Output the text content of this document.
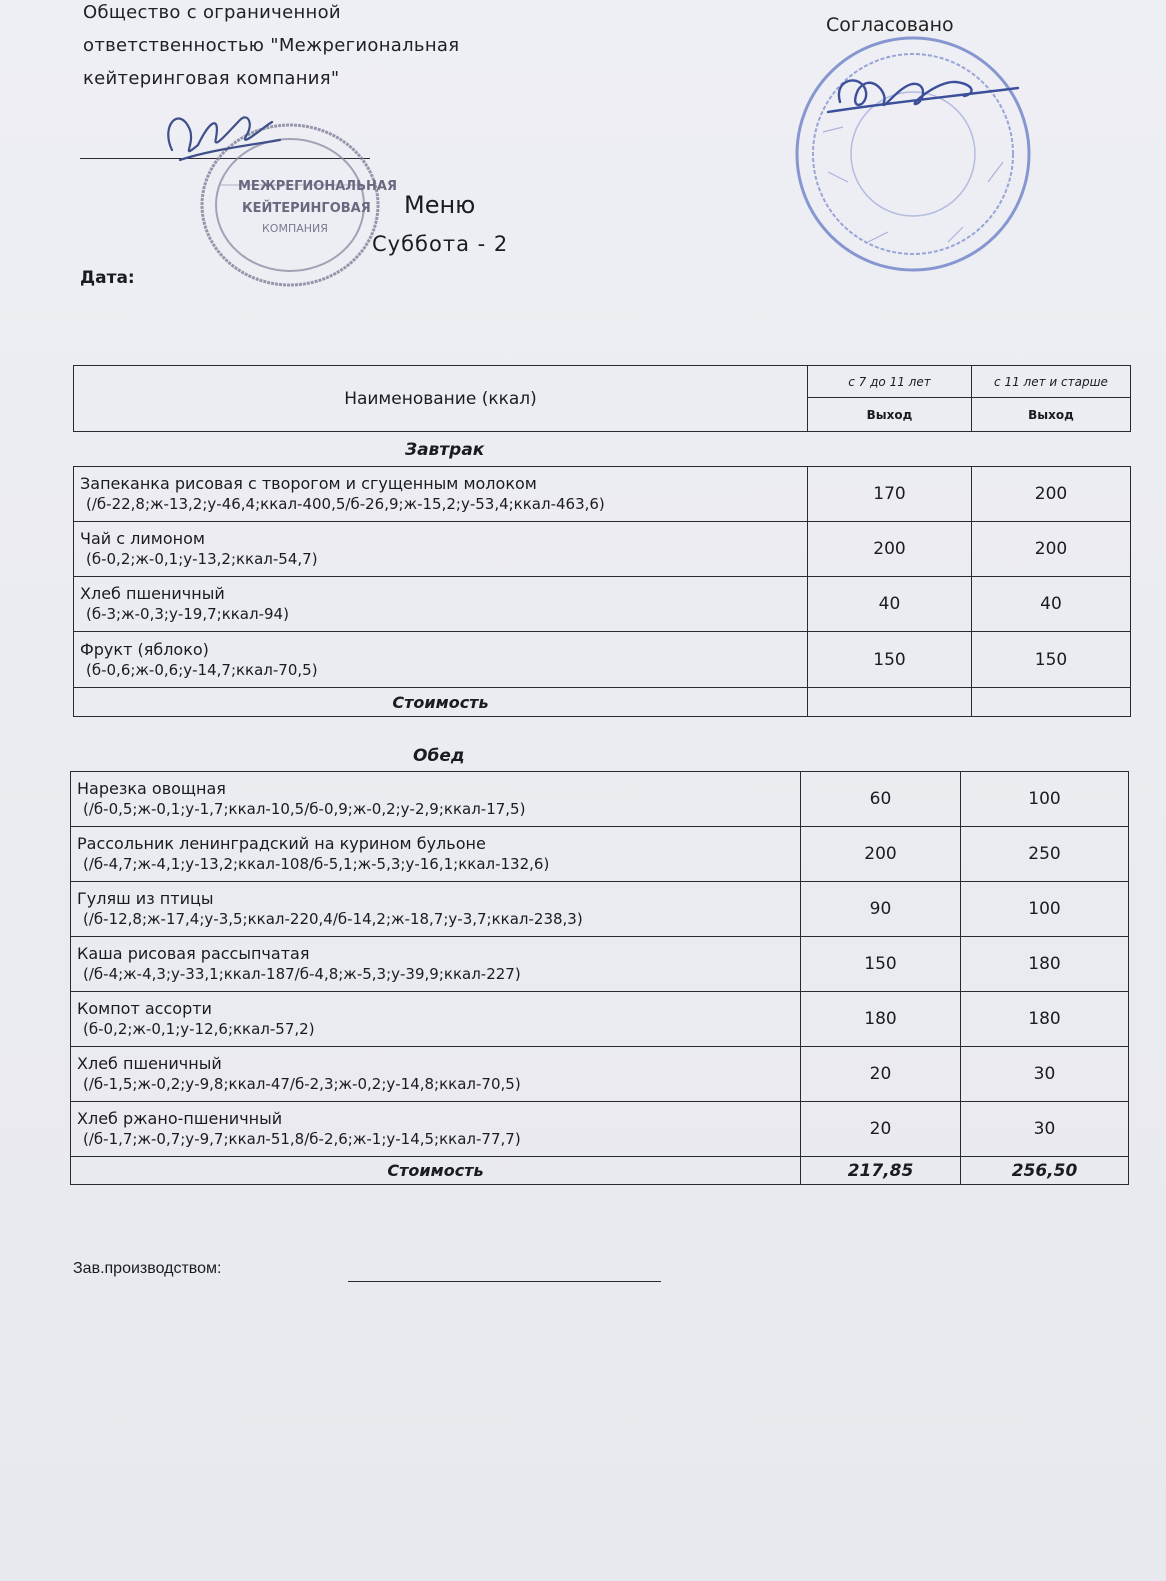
Общество с ограниченной
ответственностью "Межрегиональная
кейтеринговая компания"
МЕЖРЕГИОНАЛЬНАЯ
КЕЙТЕРИНГОВАЯ
КОМПАНИЯ
Согласовано
Меню
Суббота - 2
Дата:
Наименование (ккал)	с 7 до 11 лет	с 11 лет и старше
	Выход	Выход
Завтрак
Запеканка рисовая с творогом и сгущенным молоком
(/б-22,8;ж-13,2;у-46,4;ккал-400,5/б-26,9;ж-15,2;у-53,4;ккал-463,6)	170	200

Чай с лимоном
(б-0,2;ж-0,1;у-13,2;ккал-54,7)	200	200

Хлеб пшеничный
(б-3;ж-0,3;у-19,7;ккал-94)	40	40

Фрукт (яблоко)
(б-0,6;ж-0,6;у-14,7;ккал-70,5)	150	150
Стоимость		
Обед
Нарезка овощная
(/б-0,5;ж-0,1;у-1,7;ккал-10,5/б-0,9;ж-0,2;у-2,9;ккал-17,5)	60	100

Рассольник ленинградский на курином бульоне
(/б-4,7;ж-4,1;у-13,2;ккал-108/б-5,1;ж-5,3;у-16,1;ккал-132,6)	200	250

Гуляш из птицы
(/б-12,8;ж-17,4;у-3,5;ккал-220,4/б-14,2;ж-18,7;у-3,7;ккал-238,3)	90	100

Каша рисовая рассыпчатая
(/б-4;ж-4,3;у-33,1;ккал-187/б-4,8;ж-5,3;у-39,9;ккал-227)	150	180

Компот ассорти
(б-0,2;ж-0,1;у-12,6;ккал-57,2)	180	180

Хлеб пшеничный
(/б-1,5;ж-0,2;у-9,8;ккал-47/б-2,3;ж-0,2;у-14,8;ккал-70,5)	20	30

Хлеб ржано-пшеничный
(/б-1,7;ж-0,7;у-9,7;ккал-51,8/б-2,6;ж-1;у-14,5;ккал-77,7)	20	30
Стоимость	217,85	256,50
Зав.производством:
